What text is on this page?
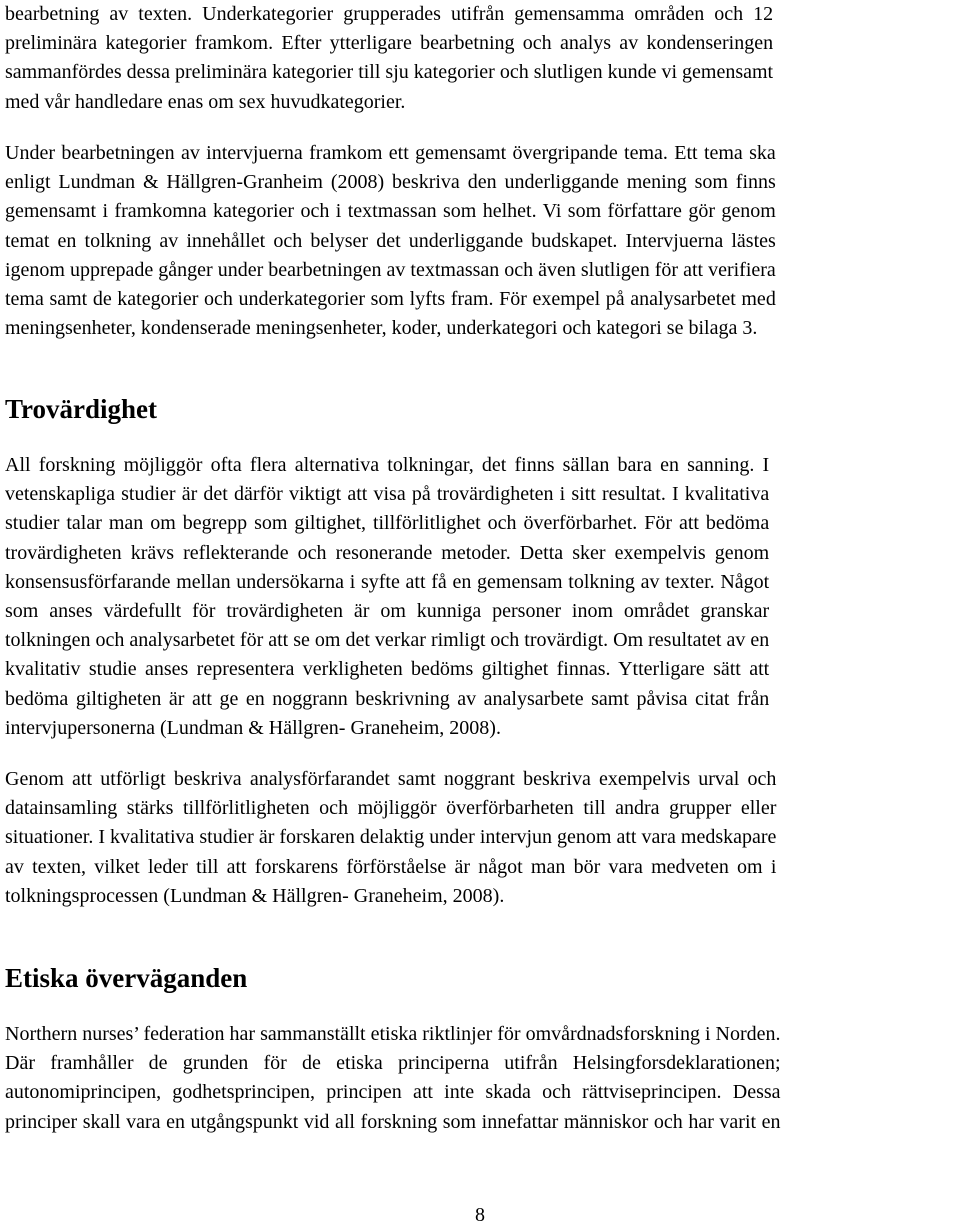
bearbetning av texten. Underkategorier grupperades utifrån gemensamma områden och 12
preliminära kategorier framkom. Efter ytterligare bearbetning och analys av kondenseringen
sammanfördes dessa preliminära kategorier till sju kategorier och slutligen kunde vi gemensamt
med vår handledare enas om sex huvudkategorier.

Under bearbetningen av intervjuerna framkom ett gemensamt övergripande tema. Ett tema ska
enligt Lundman & Hällgren-Granheim (2008) beskriva den underliggande mening som finns
gemensamt i framkomna kategorier och i textmassan som helhet. Vi som författare gör genom
temat en tolkning av innehållet och belyser det underliggande budskapet. Intervjuerna lästes
igenom upprepade gånger under bearbetningen av textmassan och även slutligen för att verifiera
tema samt de kategorier och underkategorier som lyfts fram. För exempel på analysarbetet med
meningsenheter, kondenserade meningsenheter, koder, underkategori och kategori se bilaga 3.

Trovärdighet

All forskning möjliggör ofta flera alternativa tolkningar, det finns sällan bara en sanning. I
vetenskapliga studier är det därför viktigt att visa på trovärdigheten i sitt resultat. I kvalitativa
studier talar man om begrepp som giltighet, tillförlitlighet och överförbarhet. För att bedöma
trovärdigheten krävs reflekterande och resonerande metoder. Detta sker exempelvis genom
konsensusförfarande mellan undersökarna i syfte att få en gemensam tolkning av texter. Något
som anses värdefullt för trovärdigheten är om kunniga personer inom området granskar
tolkningen och analysarbetet för att se om det verkar rimligt och trovärdigt. Om resultatet av en
kvalitativ studie anses representera verkligheten bedöms giltighet finnas. Ytterligare sätt att
bedöma giltigheten är att ge en noggrann beskrivning av analysarbete samt påvisa citat från
intervjupersonerna (Lundman & Hällgren- Graneheim, 2008).

Genom att utförligt beskriva analysförfarandet samt noggrant beskriva exempelvis urval och
datainsamling stärks tillförlitligheten och möjliggör överförbarheten till andra grupper eller
situationer. I kvalitativa studier är forskaren delaktig under intervjun genom att vara medskapare
av texten, vilket leder till att forskarens förförståelse är något man bör vara medveten om i
tolkningsprocessen (Lundman & Hällgren- Graneheim, 2008).

Etiska överväganden

Northern nurses’ federation har sammanställt etiska riktlinjer för omvårdnadsforskning i Norden.
Där framhåller de grunden för de etiska principerna utifrån Helsingforsdeklarationen;
autonomiprincipen, godhetsprincipen, principen att inte skada och rättviseprincipen. Dessa
principer skall vara en utgångspunkt vid all forskning som innefattar människor och har varit en

8
